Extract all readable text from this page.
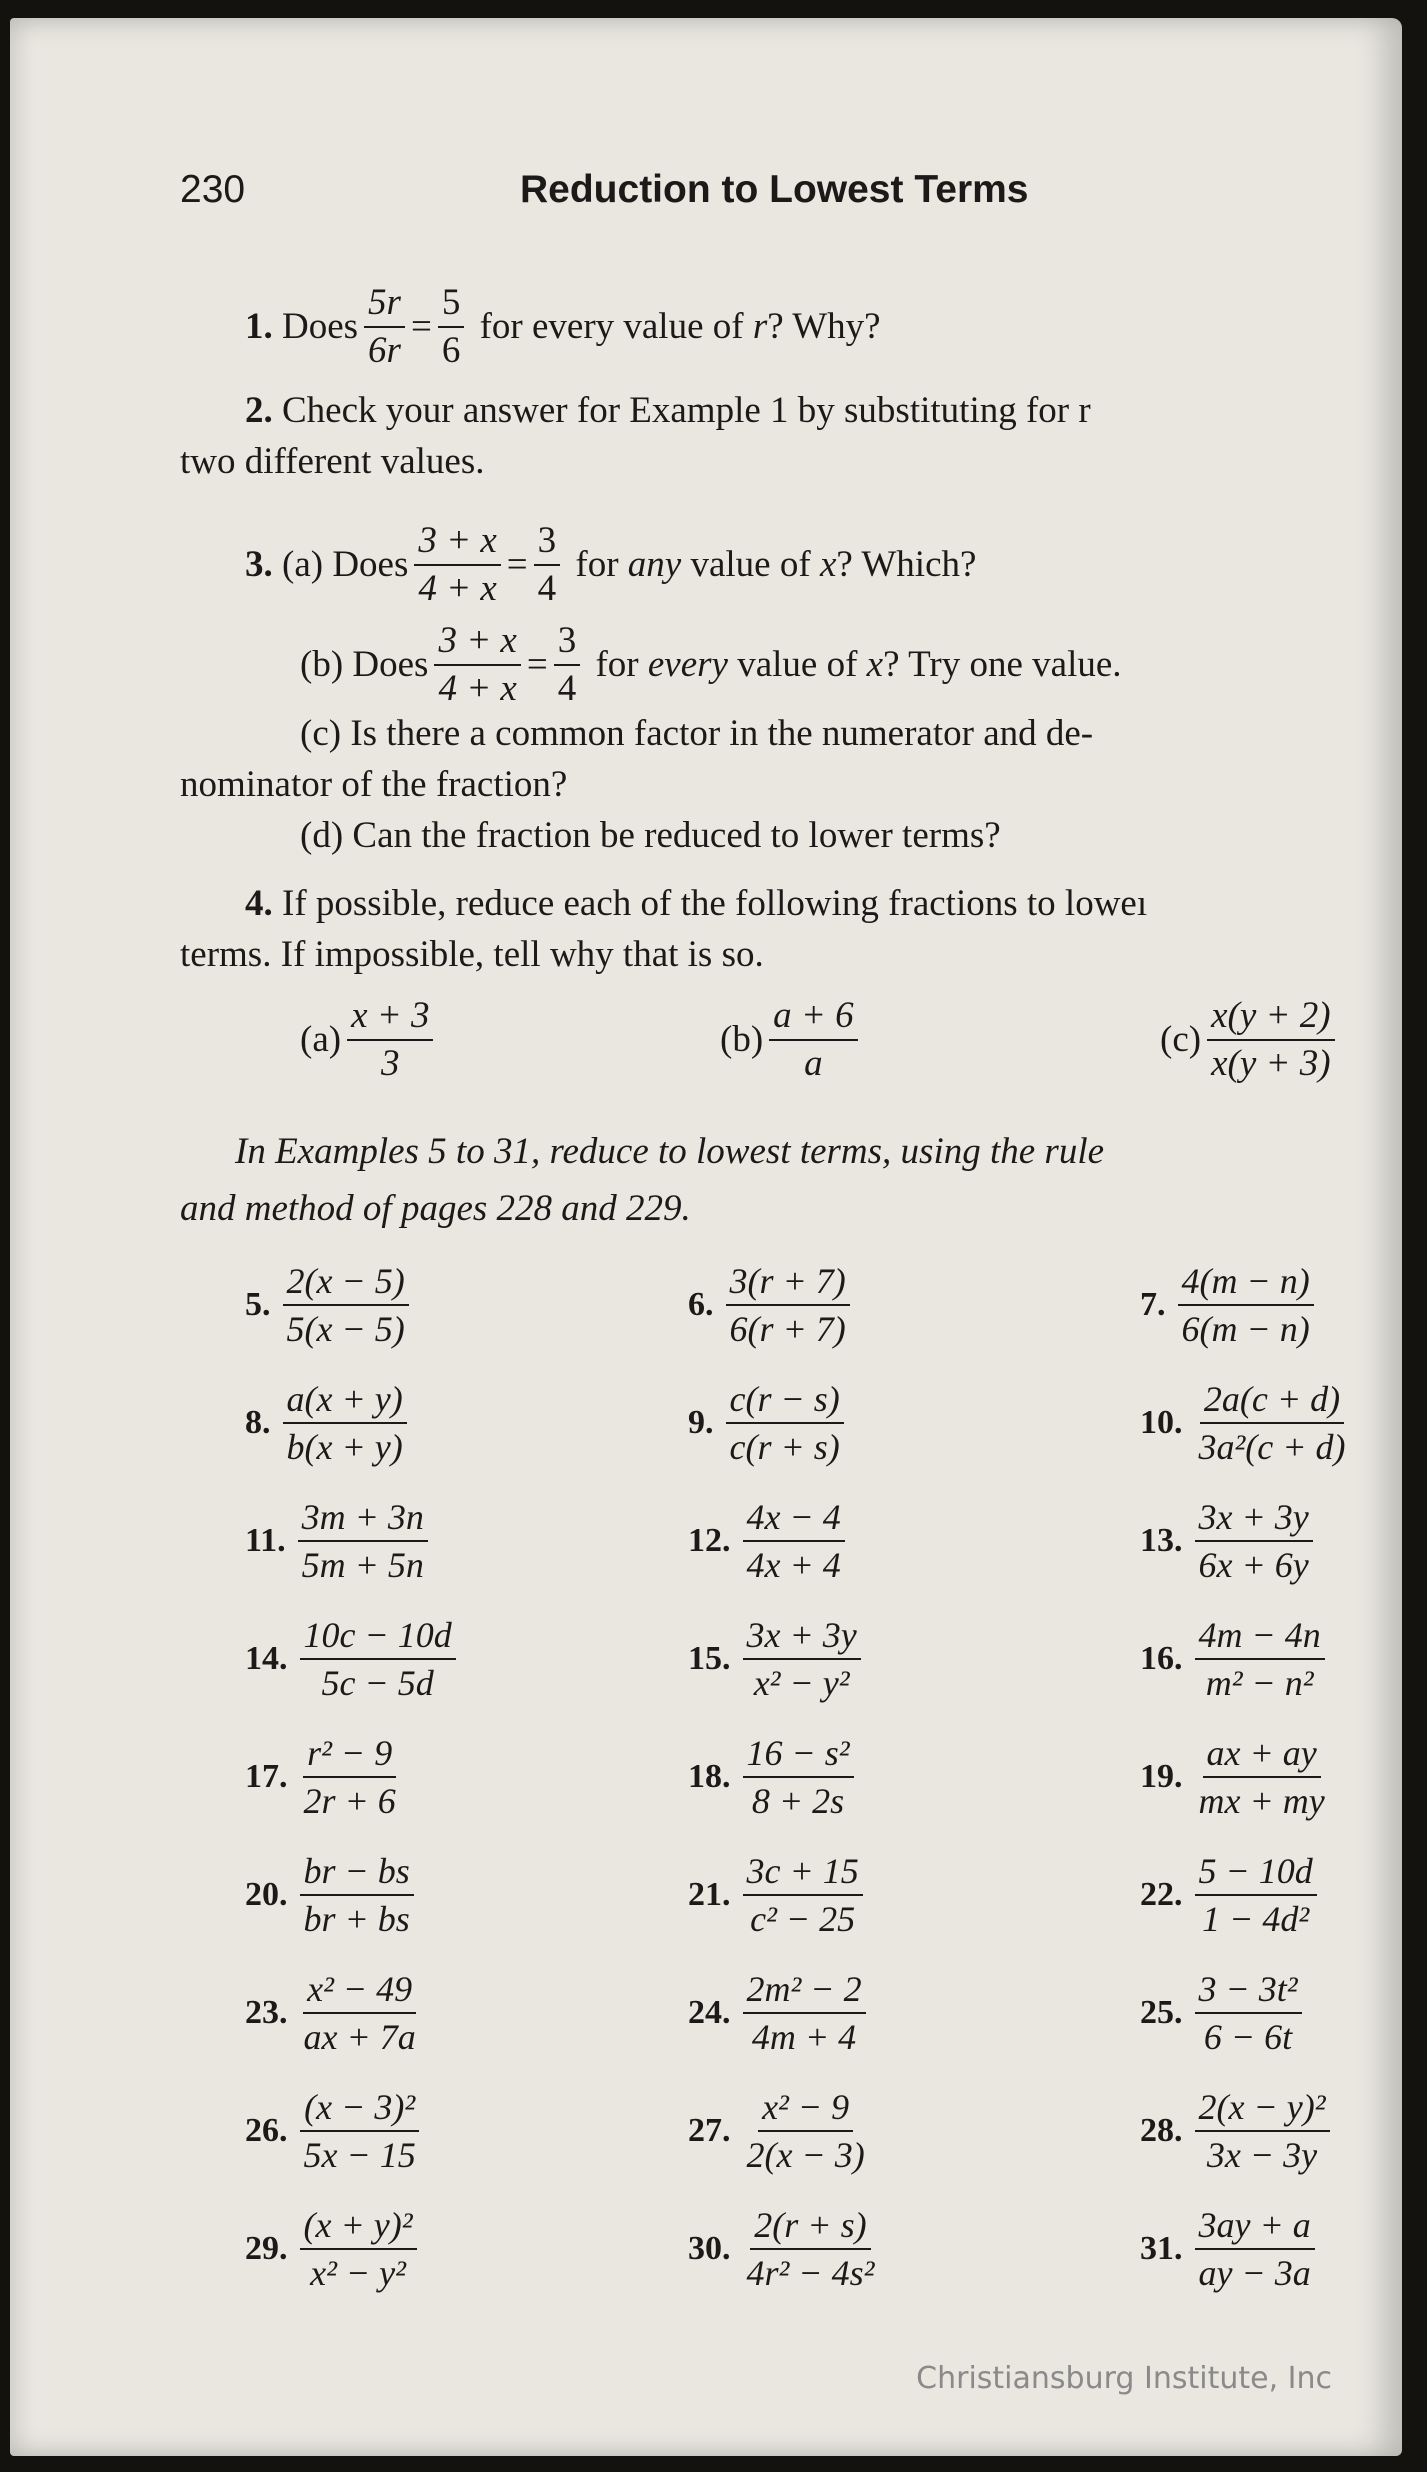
230	Reduction to Lowest Terms
1.
Does $\frac{5r}{6r} = \frac{5}{6}$
for every value of
r ? Why?
2. Check your answer for Example 1 by substituting for r
two different values.
3.
(a)
Does $\frac{3 + x}{4 + x} = \frac{3}{4}$
for
any
value of
x ? Which?
(b)
Does $\frac{3 + x}{4 + x} = \frac{3}{4}$
for
every
value of
x ? Try one value.
(c) Is there a common factor in the numerator and de-
nominator of the fraction?
(d) Can the fraction be reduced to lower terms?
4. If possible, reduce each of the following fractions to loweı
terms. If impossible, tell why that is so.
$(a) \frac{x + 3}{3}$	$(b) \frac{a + 6}{a}$	$(c) \frac{x(y + 2)}{x(y + 3)}$
In Examples 5 to 31, reduce to lowest terms, using the rule
and method of pages 228 and 229.
5. $\frac{2(x - 5)}{5(x - 5)}$	6. $\frac{3(r + 7)}{6(r + 7)}$	7. $\frac{4(m - n)}{6(m - n)}$
8. $\frac{a(x + y)}{b(x + y)}$	9. $\frac{c(r - s)}{c(r + s)}$	10. $\frac{2a(c + d)}{\text{3a²(c + d)}}$
11. $\frac{3m + 3n}{5m + 5n}$	12. $\frac{4x - 4}{4x + 4}$	13. $\frac{3x + 3y}{6x + 6y}$
14. $\frac{10c - 10d}{5c - 5d}$	15. $\frac{3x + 3y}{\text{x² − y²}}$	16. $\frac{4m - 4n}{\text{m² − n²}}$
17. $\frac{\text{r² − 9}}{2r + 6}$	18. $\frac{\text{16 − s²}}{8 + 2s}$	19. $\frac{ax + ay}{mx + my}$
20. $\frac{br - bs}{br + bs}$	21. $\frac{3c + 15}{\text{c² − 25}}$	22. $\frac{5 - 10d}{\text{1 − 4d²}}$
23. $\frac{\text{x² − 49}}{ax + 7a}$	24. $\frac{\text{2m² − 2}}{4m + 4}$	25. $\frac{\text{3 − 3t²}}{6 - 6t}$
26. $\frac{\text{(x − 3)²}}{5x - 15}$	27. $\frac{\text{x² − 9}}{2(x - 3)}$	28. $\frac{\text{2(x − y)²}}{3x - 3y}$
29. $\frac{\text{(x + y)²}}{\text{x² − y²}}$	30. $\frac{2(r + s)}{\text{4r² − 4s²}}$	31. $\frac{3ay + a}{ay - 3a}$
Christiansburg Institute, Inc
